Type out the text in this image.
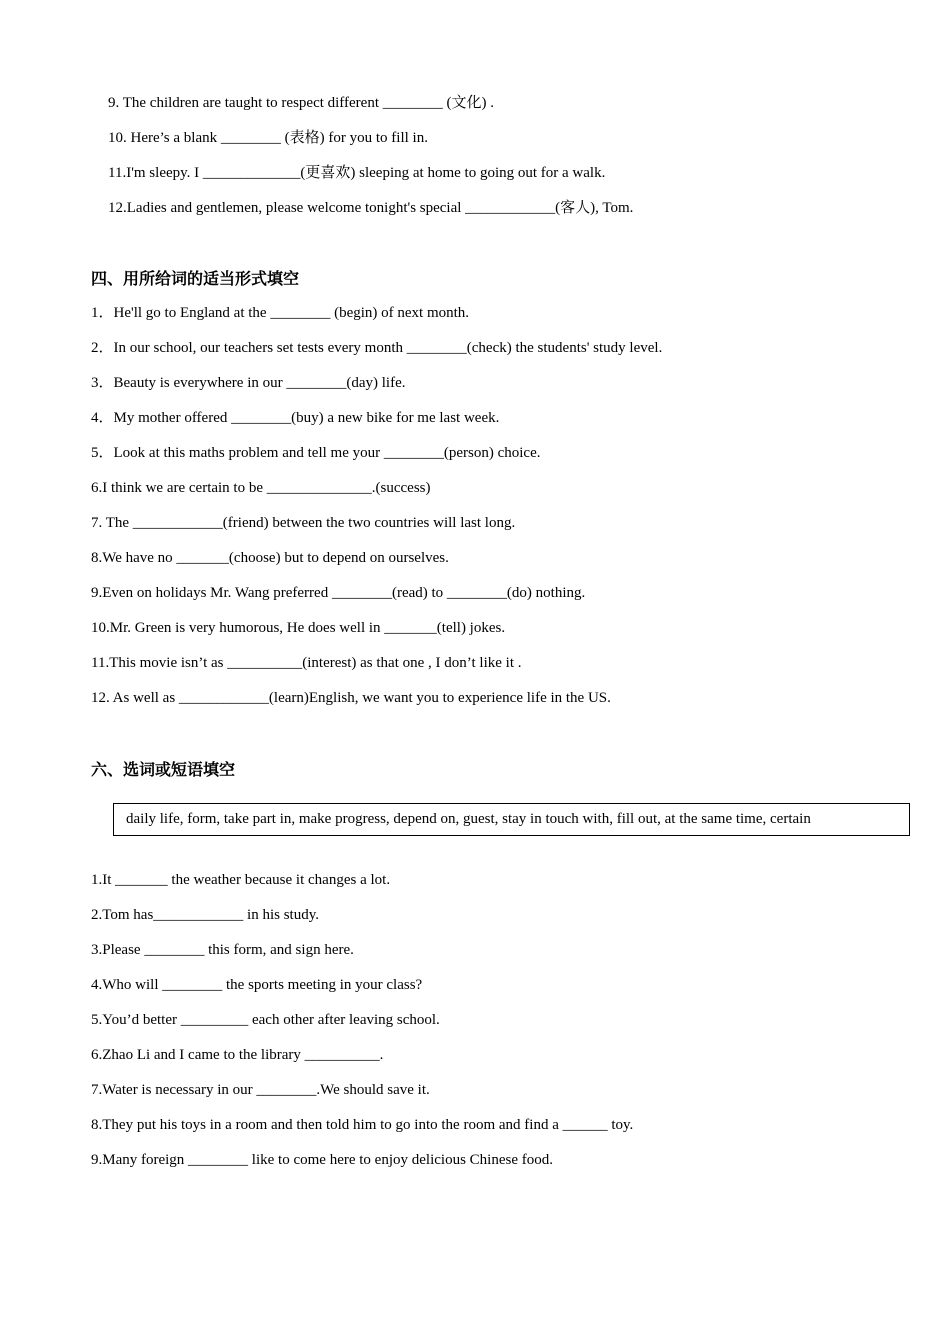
9. The children are taught to respect different ________ (文化) .
10. Here’s a blank ________ (表格) for you to fill in.
11.I'm sleepy. I _____________(更喜欢) sleeping at home to going out for a walk.
12.Ladies and gentlemen, please welcome tonight's special ____________(客人), Tom.
四、用所给词的适当形式填空
1．He'll go to England at the ________ (begin) of next month.
2．In our school, our teachers set tests every month ________(check) the students' study level.
3．Beauty is everywhere in our ________(day) life.
4．My mother offered ________(buy) a new bike for me last week.
5．Look at this maths problem and tell me your ________(person) choice.
6.I think we are certain to be ______________.(success)
7. The ____________(friend) between the two countries will last long.
8.We have no _______(choose) but to depend on ourselves.
9.Even on holidays Mr. Wang preferred ________(read) to ________(do) nothing.
10.Mr. Green is very humorous, He does well in _______(tell) jokes.
11.This movie isn’t as __________(interest) as that one , I don’t like it .
12. As well as ____________(learn)English, we want you to experience life in the US.
六、选词或短语填空
daily life, form, take part in, make progress, depend on, guest, stay in touch with, fill out, at the same time, certain
1.It _______ the weather because it changes a lot.
2.Tom has____________ in his study.
3.Please ________ this form, and sign here.
4.Who will ________ the sports meeting in your class?
5.You’d better _________ each other after leaving school.
6.Zhao Li and I came to the library __________.
7.Water is necessary in our ________.We should save it.
8.They put his toys in a room and then told him to go into the room and find a ______ toy.
9.Many foreign ________ like to come here to enjoy delicious Chinese food.
